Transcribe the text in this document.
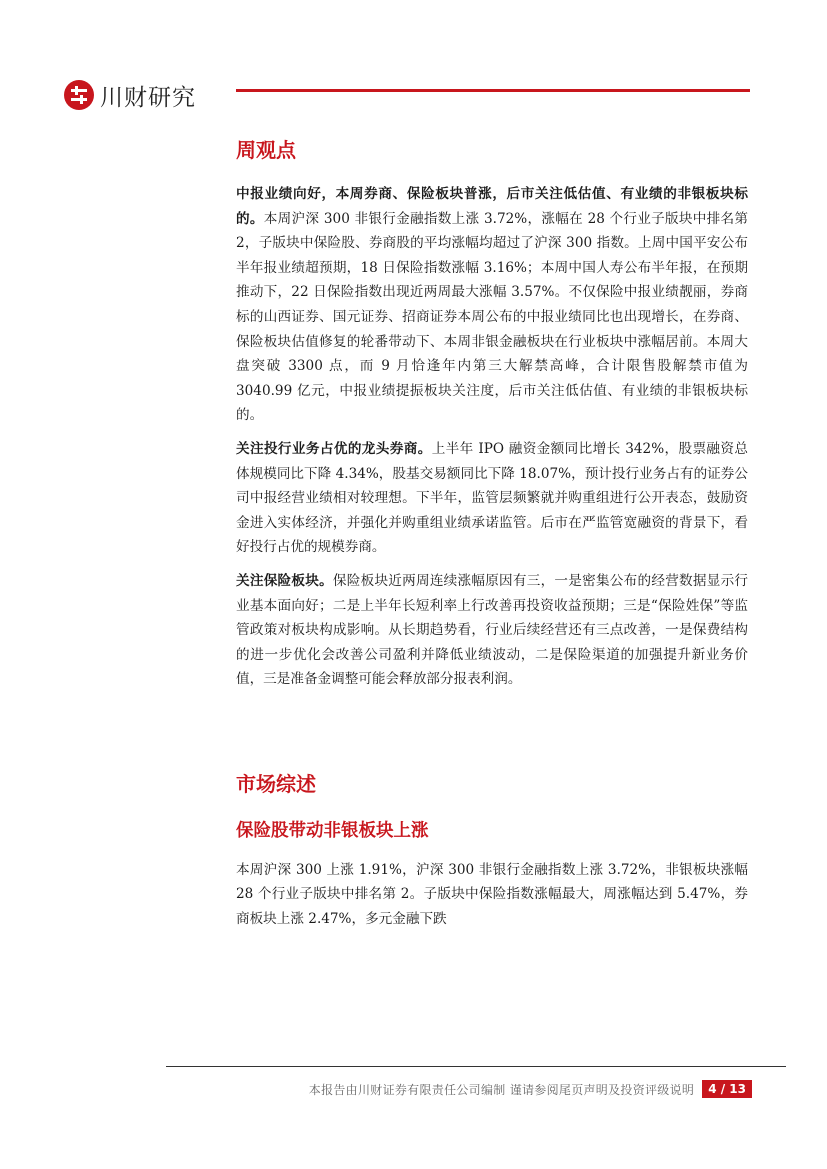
川财研究
周观点

中报业绩向好，本周券商、保险板块普涨，后市关注低估值、有业绩的非银板块标的。本周沪深 300 非银行金融指数上涨 3.72%，涨幅在 28 个行业子版块中排名第 2，子版块中保险股、券商股的平均涨幅均超过了沪深 300 指数。上周中国平安公布半年报业绩超预期，18 日保险指数涨幅 3.16%；本周中国人寿公布半年报，在预期推动下，22 日保险指数出现近两周最大涨幅 3.57%。不仅保险中报业绩靓丽，券商标的山西证券、国元证券、招商证券本周公布的中报业绩同比也出现增长，在券商、保险板块估值修复的轮番带动下、本周非银金融板块在行业板块中涨幅居前。本周大盘突破 3300 点，而 9 月恰逢年内第三大解禁高峰，合计限售股解禁市值为 3040.99 亿元，中报业绩提振板块关注度，后市关注低估值、有业绩的非银板块标的。

关注投行业务占优的龙头券商。上半年 IPO 融资金额同比增长 342%，股票融资总体规模同比下降 4.34%，股基交易额同比下降 18.07%，预计投行业务占有的证券公司中报经营业绩相对较理想。下半年，监管层频繁就并购重组进行公开表态，鼓励资金进入实体经济，并强化并购重组业绩承诺监管。后市在严监管宽融资的背景下，看好投行占优的规模券商。

关注保险板块。保险板块近两周连续涨幅原因有三，一是密集公布的经营数据显示行业基本面向好；二是上半年长短利率上行改善再投资收益预期；三是“保险姓保”等监管政策对板块构成影响。从长期趋势看，行业后续经营还有三点改善，一是保费结构的进一步优化会改善公司盈利并降低业绩波动，二是保险渠道的加强提升新业务价值，三是准备金调整可能会释放部分报表利润。

市场综述
保险股带动非银板块上涨

本周沪深 300 上涨 1.91%，沪深 300 非银行金融指数上涨 3.72%，非银板块涨幅 28 个行业子版块中排名第 2。子版块中保险指数涨幅最大，周涨幅达到 5.47%，券商板块上涨 2.47%，多元金融下跌

本报告由川财证券有限责任公司编制 谨请参阅尾页声明及投资评级说明	4 / 13
